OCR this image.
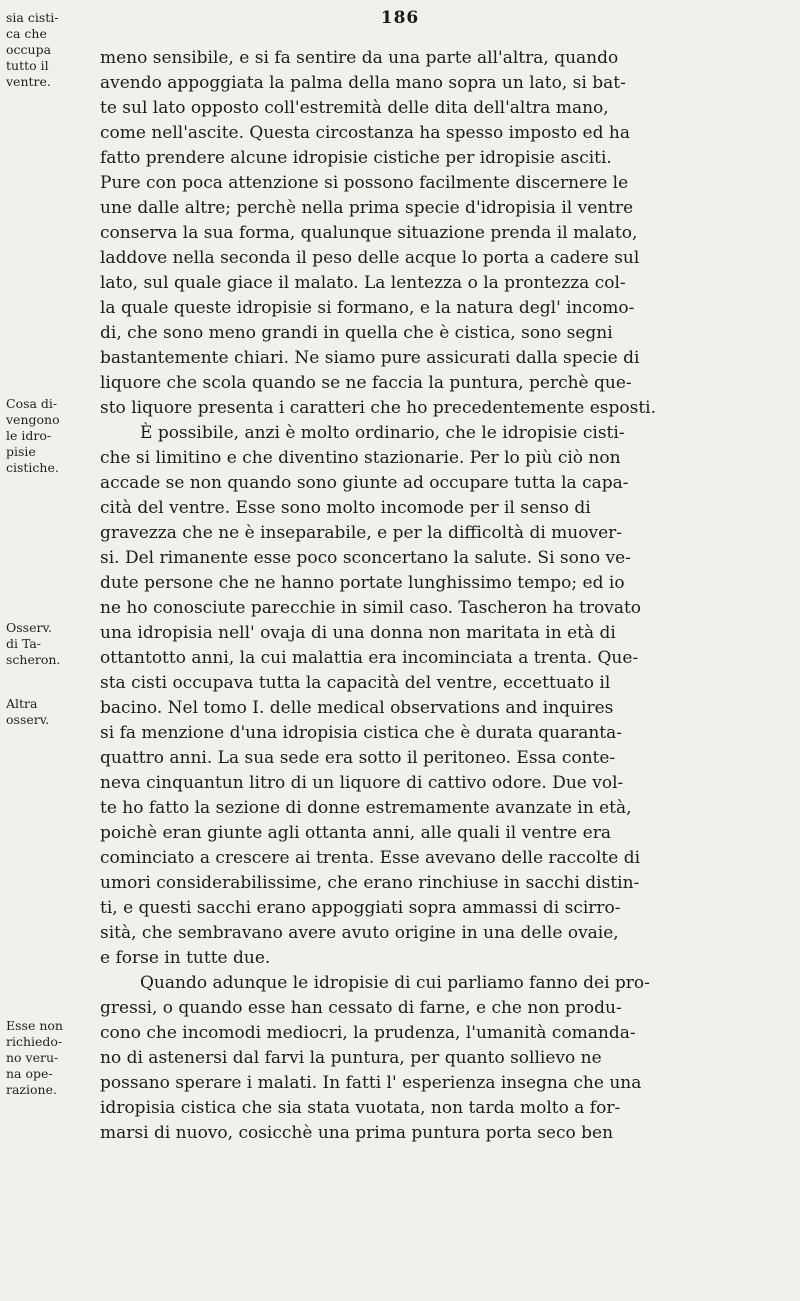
186
sia cisti-
ca che
occupa
tutto il
ventre.
Cosa di-
vengono
le idro-
pisie
cistiche.
Osserv.
di Ta-
scheron.
Altra
osserv.
Esse non
richiedo-
no veru-
na ope-
razione.
meno sensibile, e si fa sentire da una parte all'altra, quando
avendo appoggiata la palma della mano sopra un lato, si bat-
te sul lato opposto coll'estremità delle dita dell'altra mano,
come nell'ascite. Questa circostanza ha spesso imposto ed ha
fatto prendere alcune idropisie cistiche per idropisie asciti.
Pure con poca attenzione si possono facilmente discernere le
une dalle altre; perchè nella prima specie d'idropisia il ventre
conserva la sua forma, qualunque situazione prenda il malato,
laddove nella seconda il peso delle acque lo porta a cadere sul
lato, sul quale giace il malato. La lentezza o la prontezza col-
la quale queste idropisie si formano, e la natura degl' incomo-
di, che sono meno grandi in quella che è cistica, sono segni
bastantemente chiari. Ne siamo pure assicurati dalla specie di
liquore che scola quando se ne faccia la puntura, perchè que-
sto liquore presenta i caratteri che ho precedentemente esposti.
È possibile, anzi è molto ordinario, che le idropisie cisti-
che si limitino e che diventino stazionarie. Per lo più ciò non
accade se non quando sono giunte ad occupare tutta la capa-
cità del ventre. Esse sono molto incomode per il senso di
gravezza che ne è inseparabile, e per la difficoltà di muover-
si. Del rimanente esse poco sconcertano la salute. Si sono ve-
dute persone che ne hanno portate lunghissimo tempo; ed io
ne ho conosciute parecchie in simil caso. Tascheron ha trovato
una idropisia nell' ovaja di una donna non maritata in età di
ottantotto anni, la cui malattia era incominciata a trenta. Que-
sta cisti occupava tutta la capacità del ventre, eccettuato il
bacino. Nel tomo I. delle medical observations and inquires
si fa menzione d'una idropisia cistica che è durata quaranta-
quattro anni. La sua sede era sotto il peritoneo. Essa conte-
neva cinquantun litro di un liquore di cattivo odore. Due vol-
te ho fatto la sezione di donne estremamente avanzate in età,
poichè eran giunte agli ottanta anni, alle quali il ventre era
cominciato a crescere ai trenta. Esse avevano delle raccolte di
umori considerabilissime, che erano rinchiuse in sacchi distin-
ti, e questi sacchi erano appoggiati sopra ammassi di scirro-
sità, che sembravano avere avuto origine in una delle ovaie,
e forse in tutte due.
Quando adunque le idropisie di cui parliamo fanno dei pro-
gressi, o quando esse han cessato di farne, e che non produ-
cono che incomodi mediocri, la prudenza, l'umanità comanda-
no di astenersi dal farvi la puntura, per quanto sollievo ne
possano sperare i malati. In fatti l' esperienza insegna che una
idropisia cistica che sia stata vuotata, non tarda molto a for-
marsi di nuovo, cosicchè una prima puntura porta seco ben
